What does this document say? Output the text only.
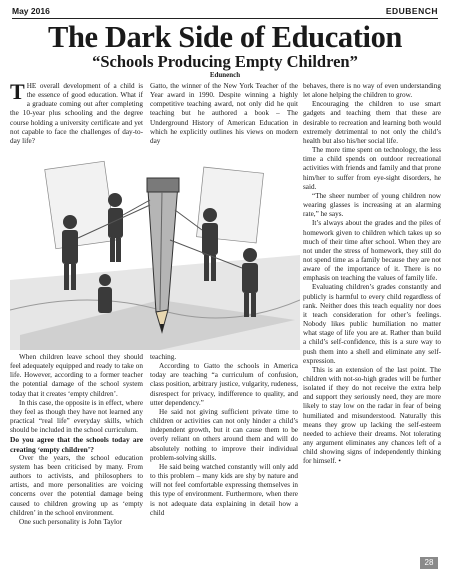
May 2016	EDUBENCH
The Dark Side of Education
“Schools Producing Empty Children”
Edunench

THE overall development of a child is the essence of good education. What if a graduate coming out after completing the 10-year plus schooling and the degree course holding a university certificate and yet not capable to face the challenges of day-to-day life?

Gatto, the winner of the New York Teacher of the Year award in 1990. Despite winning a highly competitive teaching award, not only did he quit teaching but he authored a book – The Underground History of American Education in which he explicitly outlines his views on modern day

When children leave school they should feel adequately equipped and ready to take on life. However, according to a former teacher the potential damage of the school system today that it creates ‘empty children’.

In this case, the opposite is in effect, where they feel as though they have not learned any practical “real life” everyday skills, which should be included in the school curriculum.

Do you agree that the schools today are creating ‘empty children’?

Over the years, the school education system has been criticised by many. From authors to activists, and philosophers to artists, and more personalities are voicing concerns over the potential damage being caused to children growing up as ‘empty children’ in the school environment.

One such personality is John Taylor

teaching.

According to Gatto the schools in America today are teaching “a curriculum of confusion, class position, arbitrary justice, vulgarity, rudeness, disrespect for privacy, indifference to quality, and utter dependency.”

He said not giving sufficient private time to children or activities can not only hinder a child’s independent growth, but it can cause them to be overly reliant on others around them and will do absolutely nothing to improve their individual problem-solving skills.

He said being watched constantly will only add to this problem – many kids are shy by nature and will not feel comfortable expressing themselves in this type of environment. Furthermore, when there is not adequate data explaining in detail how a child

behaves, there is no way of even understanding let alone helping the children to grow.

Encouraging the children to use smart gadgets and teaching them that these are desirable to recreation and learning both would extremely detrimental to not only the child’s health but also his/her social life.

The more time spent on technology, the less time a child spends on outdoor recreational activities with friends and family and that prone him/her to suffer from eye-sight disorders, he said.

“The sheer number of young children now wearing glasses is increasing at an alarming rate,” he says.

It’s always about the grades and the piles of homework given to children which takes up so much of their time after school. When they are not under the stress of homework, they still do not spend time as a family because they are not aware of the importance of it. There is no emphasis on teaching the values of family life.

Evaluating children’s grades constantly and publicly is harmful to every child regardless of rank. Neither does this teach equality nor does it teach consideration for other’s feelings. Nobody likes public humiliation no matter what stage of life you are at. Rather than build a child’s self-confidence, this is a sure way to push them into a shell and eliminate any self-expression.

This is an extension of the last point. The children with not-so-high grades will be further isolated if they do not receive the extra help and support they seriously need, they are more likely to stay low on the radar in fear of being humiliated and misunderstood. Naturally this means they grow up lacking the self-esteem needed to achieve their dreams. Not tolerating any argument eliminates any chances left of a child showing signs of independently thinking for himself. •

28
